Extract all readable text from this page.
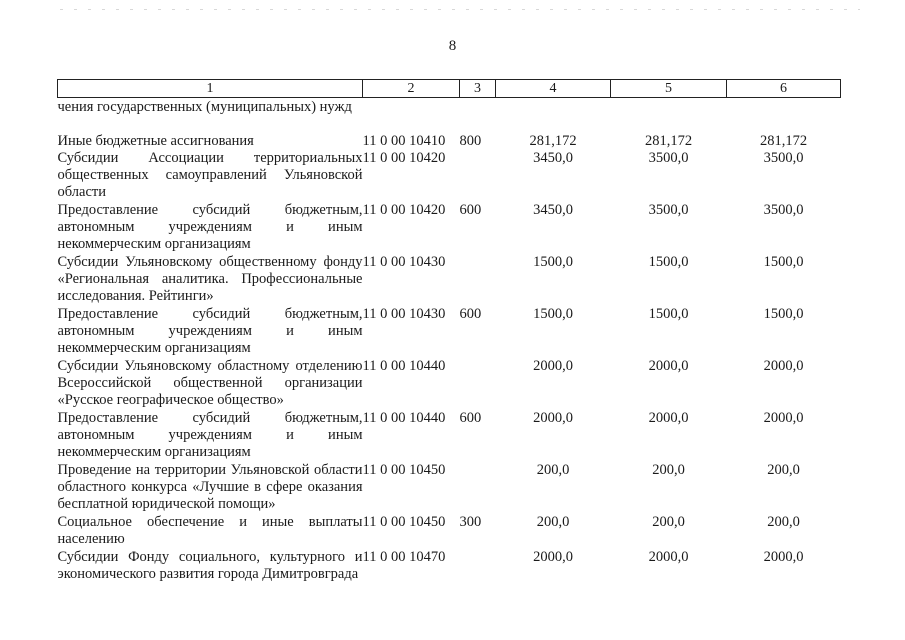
8
1	2	3	4	5	6
чения государственных (муниципальных) нужд					
Иные бюджетные ассигнования	11 0 00 10410	800	281,172	281,172	281,172
Субсидии Ассоциации территориальных общественных самоуправлений Ульяновской области	11 0 00 10420		3450,0	3500,0	3500,0
Предоставление субсидий бюджетным, автономным учреждениям и иным некоммерческим организациям	11 0 00 10420	600	3450,0	3500,0	3500,0
Субсидии Ульяновскому общественному фонду «Региональная аналитика. Профессиональные исследования. Рейтинги»	11 0 00 10430		1500,0	1500,0	1500,0
Предоставление субсидий бюджетным, автономным учреждениям и иным некоммерческим организациям	11 0 00 10430	600	1500,0	1500,0	1500,0
Субсидии Ульяновскому областному отделению Всероссийской общественной организации «Русское географическое общество»	11 0 00 10440		2000,0	2000,0	2000,0
Предоставление субсидий бюджетным, автономным учреждениям и иным некоммерческим организациям	11 0 00 10440	600	2000,0	2000,0	2000,0
Проведение на территории Ульяновской области областного конкурса «Лучшие в сфере оказания бесплатной юридической помощи»	11 0 00 10450		200,0	200,0	200,0
Социальное обеспечение и иные выплаты населению	11 0 00 10450	300	200,0	200,0	200,0
Субсидии Фонду социального, культурного и экономического развития города Димитровграда	11 0 00 10470		2000,0	2000,0	2000,0
